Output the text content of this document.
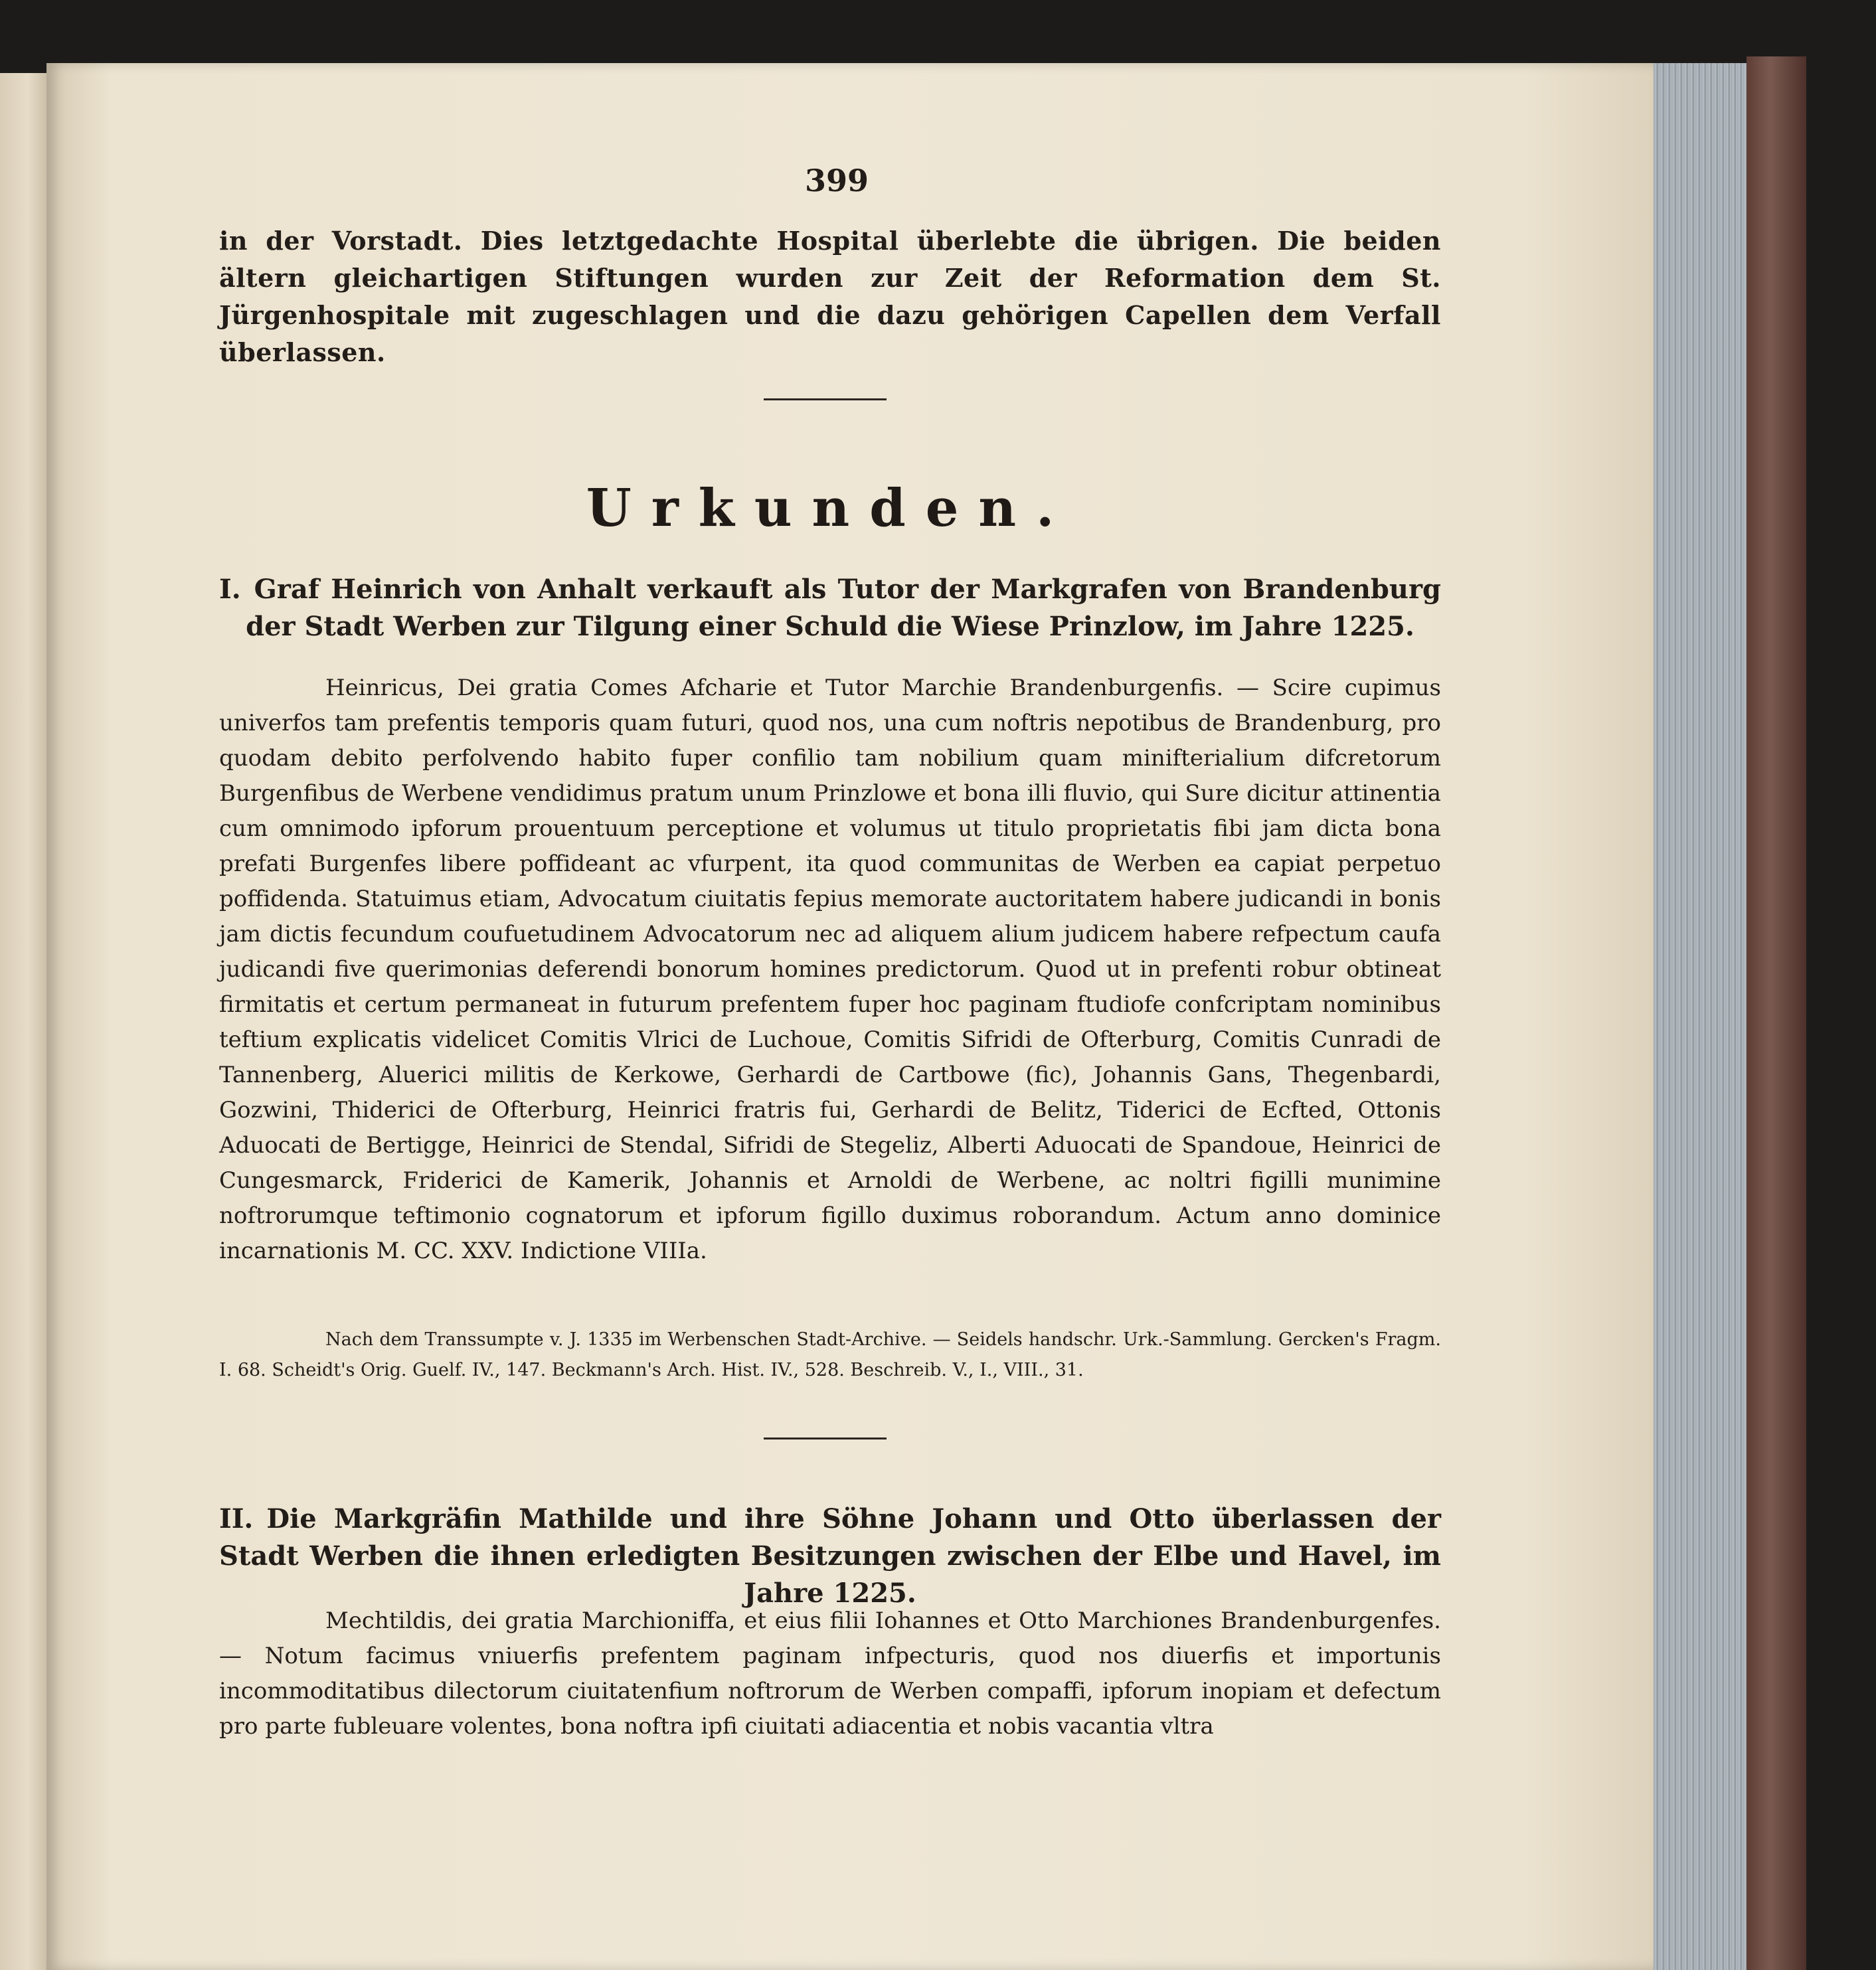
399
in der Vorstadt. Dies letztgedachte Hospital überlebte die übrigen. Die beiden ältern gleichartigen Stiftungen wurden zur Zeit der Reformation dem St. Jürgenhospitale mit zugeschlagen und die dazu gehörigen Capellen dem Verfall überlassen.
Urkunden.
I. Graf Heinrich von Anhalt verkauft als Tutor der Markgrafen von Brandenburg der Stadt Werben zur Tilgung einer Schuld die Wiese Prinzlow, im Jahre 1225.
Heinricus, Dei gratia Comes Afcharie et Tutor Marchie Brandenburgenfis. — Scire cupimus univerfos tam prefentis temporis quam futuri, quod nos, una cum noftris nepotibus de Brandenburg, pro quodam debito perfolvendo habito fuper confilio tam nobilium quam minifterialium difcretorum Burgenfibus de Werbene vendidimus pratum unum Prinzlowe et bona illi fluvio, qui Sure dicitur attinentia cum omnimodo ipforum prouentuum perceptione et volumus ut titulo proprietatis fibi jam dicta bona prefati Burgenfes libere poffideant ac vfurpent, ita quod communitas de Werben ea capiat perpetuo poffidenda. Statuimus etiam, Advocatum ciuitatis fepius memorate auctoritatem habere judicandi in bonis jam dictis fecundum coufuetudinem Advocatorum nec ad aliquem alium judicem habere refpectum caufa judicandi five querimonias deferendi bonorum homines predictorum. Quod ut in prefenti robur obtineat firmitatis et certum permaneat in futurum prefentem fuper hoc paginam ftudiofe confcriptam nominibus teftium explicatis videlicet Comitis Vlrici de Luchoue, Comitis Sifridi de Ofterburg, Comitis Cunradi de Tannenberg, Aluerici militis de Kerkowe, Gerhardi de Cartbowe (fic), Johannis Gans, Thegenbardi, Gozwini, Thiderici de Ofterburg, Heinrici fratris fui, Gerhardi de Belitz, Tiderici de Ecfted, Ottonis Aduocati de Bertigge, Heinrici de Stendal, Sifridi de Stegeliz, Alberti Aduocati de Spandoue, Heinrici de Cungesmarck, Friderici de Kamerik, Johannis et Arnoldi de Werbene, ac noltri figilli munimine noftrorumque teftimonio cognatorum et ipforum figillo duximus roborandum. Actum anno dominice incarnationis M. CC. XXV. Indictione VIIIa.
Nach dem Transsumpte v. J. 1335 im Werbenschen Stadt-Archive. — Seidels handschr. Urk.-Sammlung. Gercken's Fragm. I. 68. Scheidt's Orig. Guelf. IV., 147. Beckmann's Arch. Hist. IV., 528. Beschreib. V., I., VIII., 31.
II. Die Markgräfin Mathilde und ihre Söhne Johann und Otto überlassen der Stadt Werben die ihnen erledigten Besitzungen zwischen der Elbe und Havel, im Jahre 1225.
Mechtildis, dei gratia Marchioniffa, et eius filii Iohannes et Otto Marchiones Brandenburgenfes. — Notum facimus vniuerfis prefentem paginam infpecturis, quod nos diuerfis et importunis incommoditatibus dilectorum ciuitatenfium noftrorum de Werben compaffi, ipforum inopiam et defectum pro parte fubleuare volentes, bona noftra ipfi ciuitati adiacentia et nobis vacantia vltra
